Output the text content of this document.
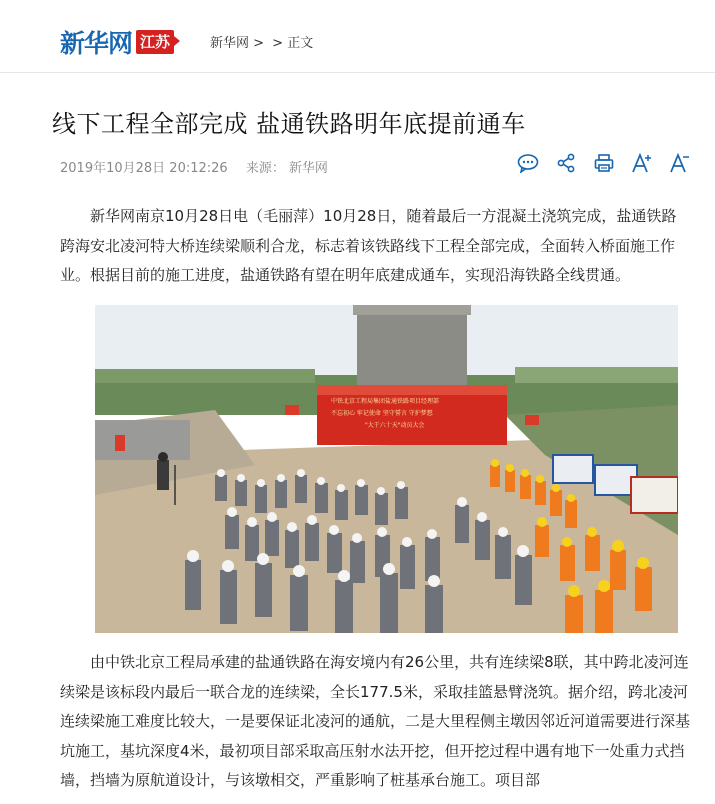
新华网 江苏	新华网 > > 正文
线下工程全部完成 盐通铁路明年底提前通车
2019年10月28日 20:12:26 来源： 新华网

新华网南京10月28日电（毛丽萍）10月28日，随着最后一方混凝土浇筑完成，盐通铁路跨海安北凌河特大桥连续梁顺利合龙，标志着该铁路线下工程全部完成，全面转入桥面施工作业。根据目前的施工进度，盐通铁路有望在明年底建成通车，实现沿海铁路全线贯通。

中铁北京工程局集团盐通铁路项目经理部
不忘初心 牢记使命 坚守誓言 守护梦想
"大干六十天"动员大会

由中铁北京工程局承建的盐通铁路在海安境内有26公里，共有连续梁8联，其中跨北凌河连续梁是该标段内最后一联合龙的连续梁，全长177.5米，采取挂篮悬臂浇筑。据介绍，跨北凌河连续梁施工难度比较大，一是要保证北凌河的通航，二是大里程侧主墩因邻近河道需要进行深基坑施工，基坑深度4米，最初项目部采取高压射水法开挖，但开挖过程中遇有地下一处重力式挡墙，挡墙为原航道设计，与该墩相交，严重影响了桩基承台施工。项目部
